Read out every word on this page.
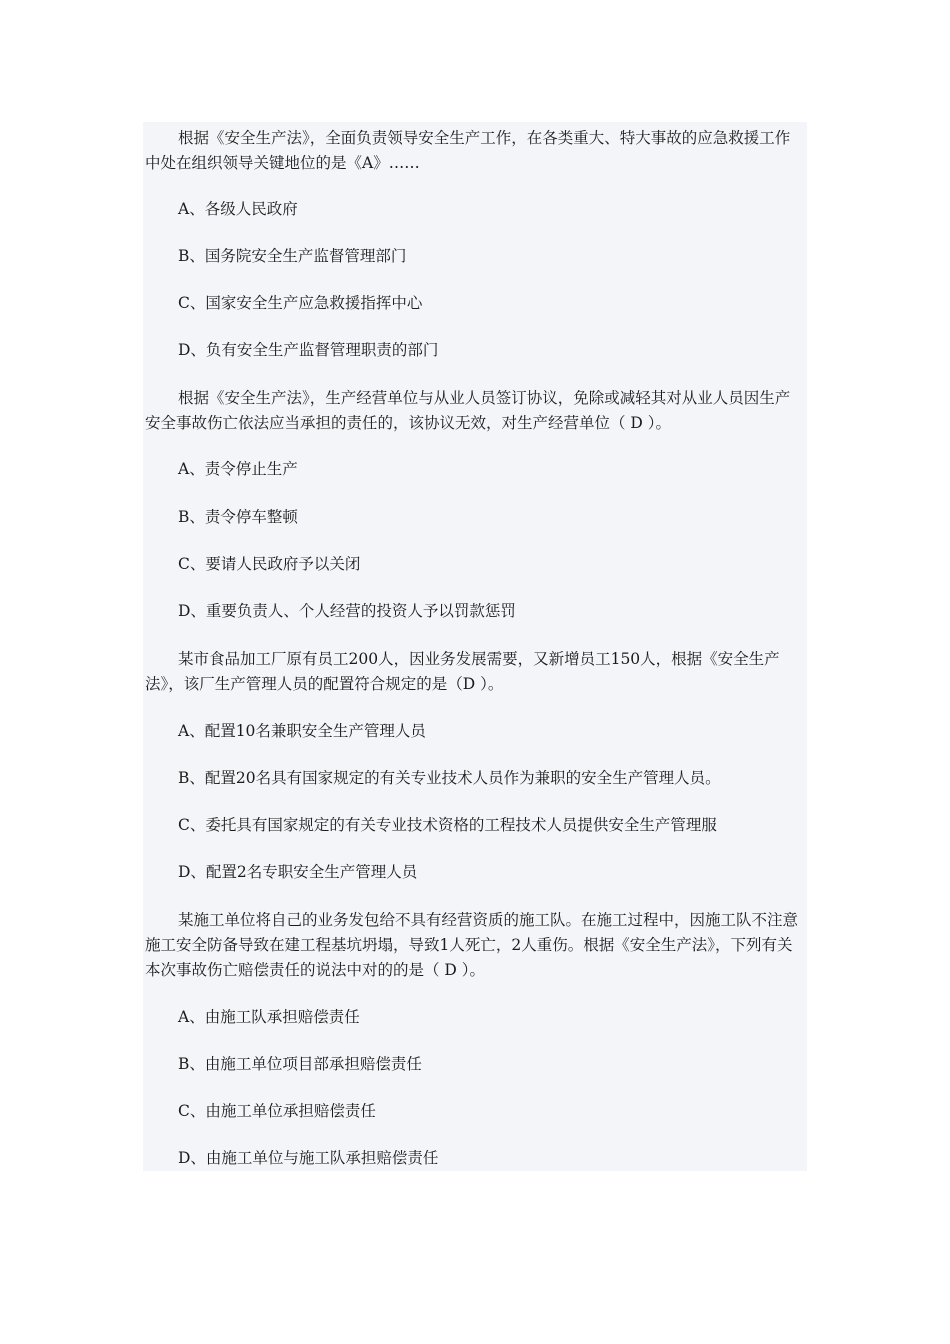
根据《安全生产法》，全面负责领导安全生产工作，在各类重大、特大事故的应急救援工作中处在组织领导关键地位的是《A》……

A、各级人民政府

B、国务院安全生产监督管理部门

C、国家安全生产应急救援指挥中心

D、负有安全生产监督管理职责的部门

根据《安全生产法》，生产经营单位与从业人员签订协议，免除或减轻其对从业人员因生产安全事故伤亡依法应当承担的责任的，该协议无效，对生产经营单位（ D ）。

A、责令停止生产

B、责令停车整顿

C、要请人民政府予以关闭

D、重要负责人、个人经营的投资人予以罚款惩罚

某市食品加工厂原有员工200人，因业务发展需要，又新增员工150人，根据《安全生产法》，该厂生产管理人员的配置符合规定的是（D ）。

A、配置10名兼职安全生产管理人员

B、配置20名具有国家规定的有关专业技术人员作为兼职的安全生产管理人员。

C、委托具有国家规定的有关专业技术资格的工程技术人员提供安全生产管理服

D、配置2名专职安全生产管理人员

某施工单位将自己的业务发包给不具有经营资质的施工队。在施工过程中，因施工队不注意施工安全防备导致在建工程基坑坍塌，导致1人死亡，2人重伤。根据《安全生产法》，下列有关本次事故伤亡赔偿责任的说法中对的的是（ D ）。

A、由施工队承担赔偿责任

B、由施工单位项目部承担赔偿责任

C、由施工单位承担赔偿责任

D、由施工单位与施工队承担赔偿责任
